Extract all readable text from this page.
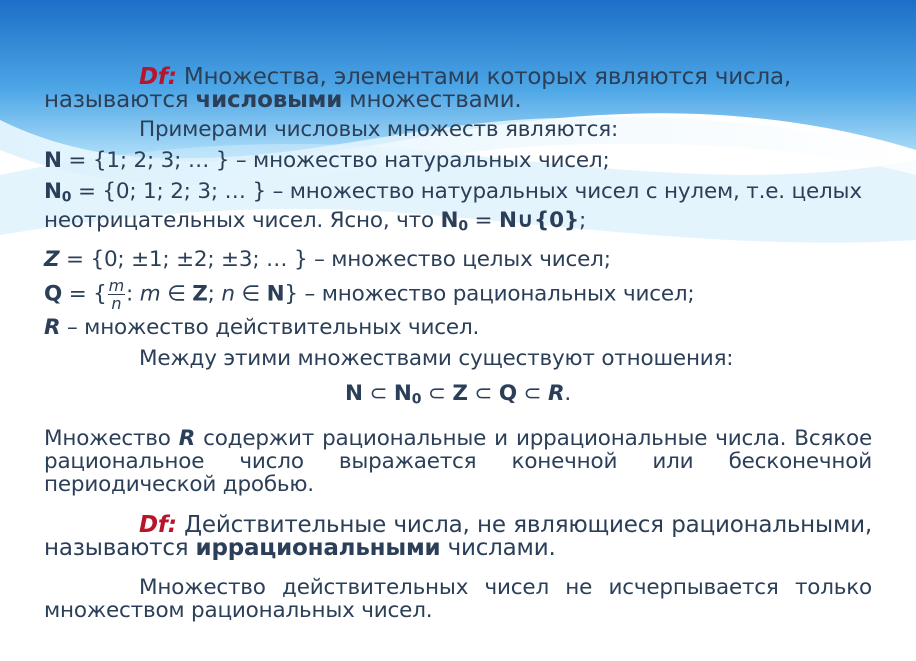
Df: Множества, элементами которых являются числа,

называются числовыми множествами.

Примерами числовых множеств являются:

N = {1; 2; 3; … } – множество натуральных чисел;

$N_0 = \{0$; 1; 2; 3; … } – множество натуральных чисел с нулем, т.е. целых

неотрицательных чисел. Ясно, что $N_0$ = N∪{0};

Z = {0; ±1; ±2; ±3; … } – множество целых чисел;

Q = { $\frac{m}{n}$ : m ∈ Z; n ∈ N} – множество рациональных чисел;

R – множество действительных чисел.

Между этими множествами существуют отношения:

N ⊂ $N_0$ ⊂ Z ⊂ Q ⊂ R.

Множество R содержит рациональные и иррациональные числа. Всякое рациональное число выражается конечной или бесконечной периодической дробью.

Df: Действительные числа, не являющиеся рациональными, называются иррациональными числами.

Множество действительных чисел не исчерпывается только множеством рациональных чисел.
